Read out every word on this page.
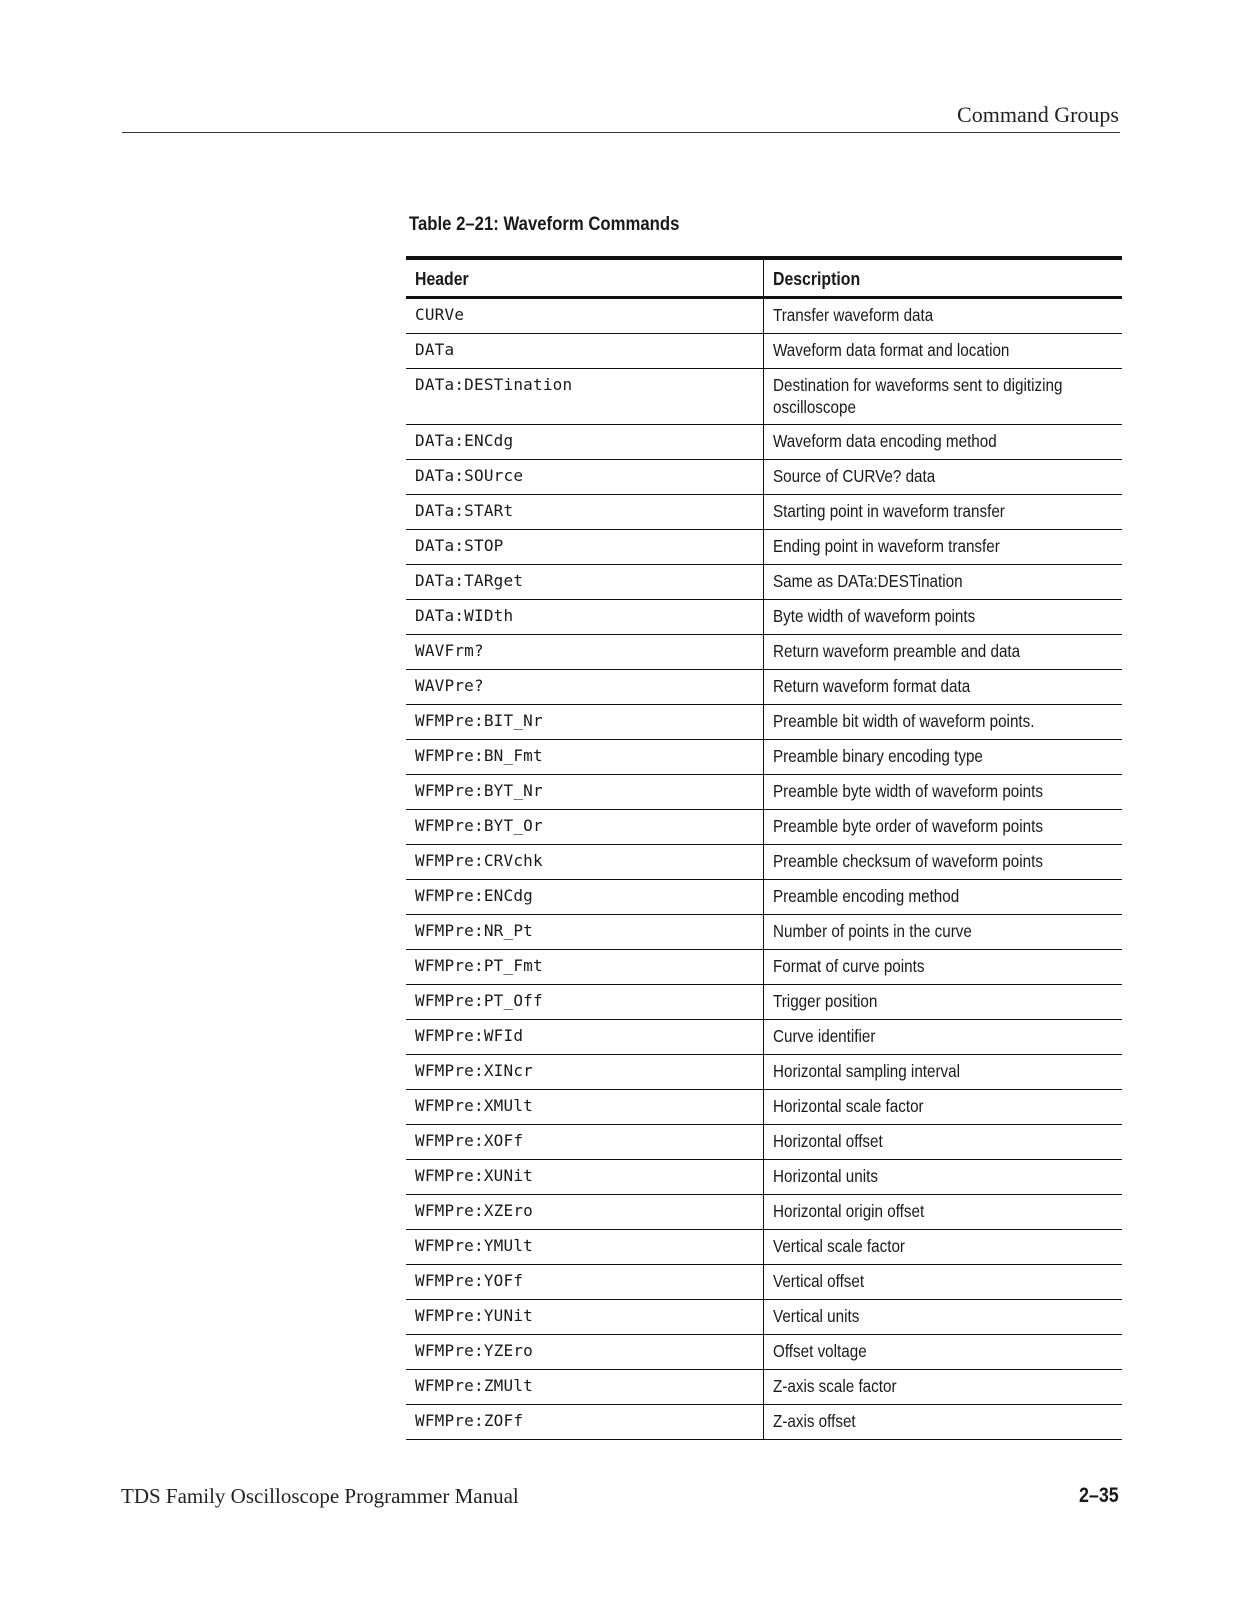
Command Groups
Table 2–21: Waveform Commands
Header	Description
CURVe	Transfer waveform data
DATa	Waveform data format and location
DATa:DESTination	Destination for waveforms sent to digitizing oscilloscope
DATa:ENCdg	Waveform data encoding method
DATa:SOUrce	Source of CURVe? data
DATa:STARt	Starting point in waveform transfer
DATa:STOP	Ending point in waveform transfer
DATa:TARget	Same as DATa:DESTination
DATa:WIDth	Byte width of waveform points
WAVFrm?	Return waveform preamble and data
WAVPre?	Return waveform format data
WFMPre:BIT_Nr	Preamble bit width of waveform points.
WFMPre:BN_Fmt	Preamble binary encoding type
WFMPre:BYT_Nr	Preamble byte width of waveform points
WFMPre:BYT_Or	Preamble byte order of waveform points
WFMPre:CRVchk	Preamble checksum of waveform points
WFMPre:ENCdg	Preamble encoding method
WFMPre:NR_Pt	Number of points in the curve
WFMPre:PT_Fmt	Format of curve points
WFMPre:PT_Off	Trigger position
WFMPre:WFId	Curve identifier
WFMPre:XINcr	Horizontal sampling interval
WFMPre:XMUlt	Horizontal scale factor
WFMPre:XOFf	Horizontal offset
WFMPre:XUNit	Horizontal units
WFMPre:XZEro	Horizontal origin offset
WFMPre:YMUlt	Vertical scale factor
WFMPre:YOFf	Vertical offset
WFMPre:YUNit	Vertical units
WFMPre:YZEro	Offset voltage
WFMPre:ZMUlt	Z-axis scale factor
WFMPre:ZOFf	Z-axis offset
TDS Family Oscilloscope Programmer Manual	2–35
